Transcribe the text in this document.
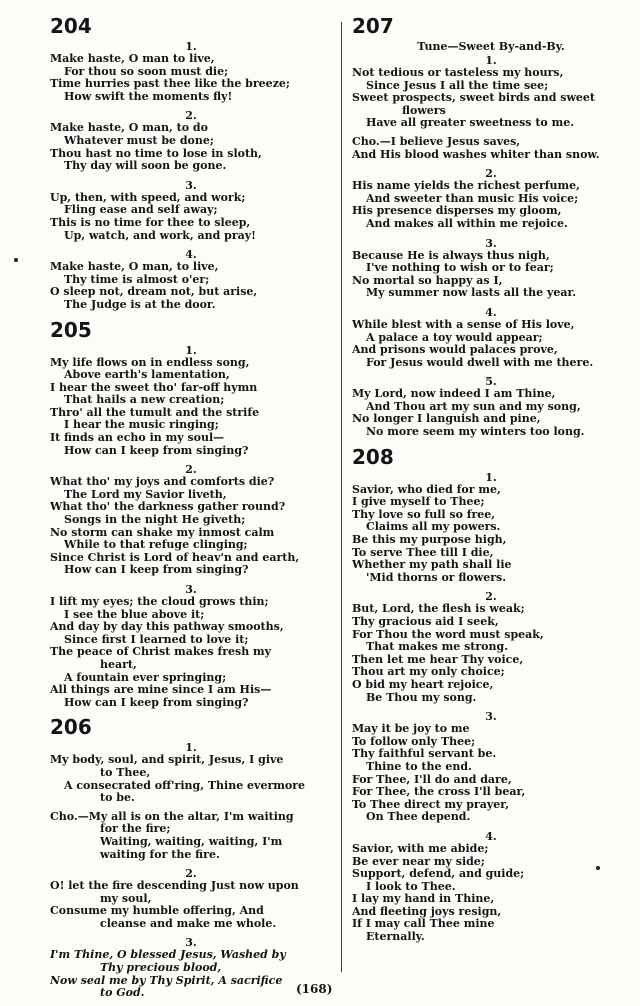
204
1.
Make haste, O man to live,
For thou so soon must die;
Time hurries past thee like the breeze;
How swift the moments fly!
2.
Make haste, O man, to do
Whatever must be done;
Thou hast no time to lose in sloth,
Thy day will soon be gone.
3.
Up, then, with speed, and work;
Fling ease and self away;
This is no time for thee to sleep,
Up, watch, and work, and pray!
4.
Make haste, O man, to live,
Thy time is almost o'er;
O sleep not, dream not, but arise,
The Judge is at the door.
205
1.
My life flows on in endless song,
Above earth's lamentation,
I hear the sweet tho' far-off hymn
That hails a new creation;
Thro' all the tumult and the strife
I hear the music ringing;
It finds an echo in my soul—
How can I keep from singing?
2.
What tho' my joys and comforts die?
The Lord my Savior liveth,
What tho' the darkness gather round?
Songs in the night He giveth;
No storm can shake my inmost calm
While to that refuge clinging;
Since Christ is Lord of heav'n and earth,
How can I keep from singing?
3.
I lift my eyes; the cloud grows thin;
I see the blue above it;
And day by day this pathway smooths,
Since first I learned to love it;
The peace of Christ makes fresh my
heart,
A fountain ever springing;
All things are mine since I am His—
How can I keep from singing?
206
1.
My body, soul, and spirit, Jesus, I give
to Thee,
A consecrated off'ring, Thine evermore
to be.
Cho.—My all is on the altar, I'm waiting
for the fire;
Waiting, waiting, waiting, I'm
waiting for the fire.
2.
O! let the fire descending Just now upon
my soul,
Consume my humble offering, And
cleanse and make me whole.
3.
I'm Thine, O blessed Jesus, Washed by
Thy precious blood,
Now seal me by Thy Spirit, A sacrifice
to God.
207
Tune—Sweet By-and-By.
1.
Not tedious or tasteless my hours,
Since Jesus I all the time see;
Sweet prospects, sweet birds and sweet
flowers
Have all greater sweetness to me.
Cho.—I believe Jesus saves,
And His blood washes whiter than snow.
2.
His name yields the richest perfume,
And sweeter than music His voice;
His presence disperses my gloom,
And makes all within me rejoice.
3.
Because He is always thus nigh,
I've nothing to wish or to fear;
No mortal so happy as I,
My summer now lasts all the year.
4.
While blest with a sense of His love,
A palace a toy would appear;
And prisons would palaces prove,
For Jesus would dwell with me there.
5.
My Lord, now indeed I am Thine,
And Thou art my sun and my song,
No longer I languish and pine,
No more seem my winters too long.
208
1.
Savior, who died for me,
I give myself to Thee;
Thy love so full so free,
Claims all my powers.
Be this my purpose high,
To serve Thee till I die,
Whether my path shall lie
'Mid thorns or flowers.
2.
But, Lord, the flesh is weak;
Thy gracious aid I seek,
For Thou the word must speak,
That makes me strong.
Then let me hear Thy voice,
Thou art my only choice;
O bid my heart rejoice,
Be Thou my song.
3.
May it be joy to me
To follow only Thee;
Thy faithful servant be.
Thine to the end.
For Thee, I'll do and dare,
For Thee, the cross I'll bear,
To Thee direct my prayer,
On Thee depend.
4.
Savior, with me abide;
Be ever near my side;
Support, defend, and guide;
I look to Thee.
I lay my hand in Thine,
And fleeting joys resign,
If I may call Thee mine
Eternally.
(168)
